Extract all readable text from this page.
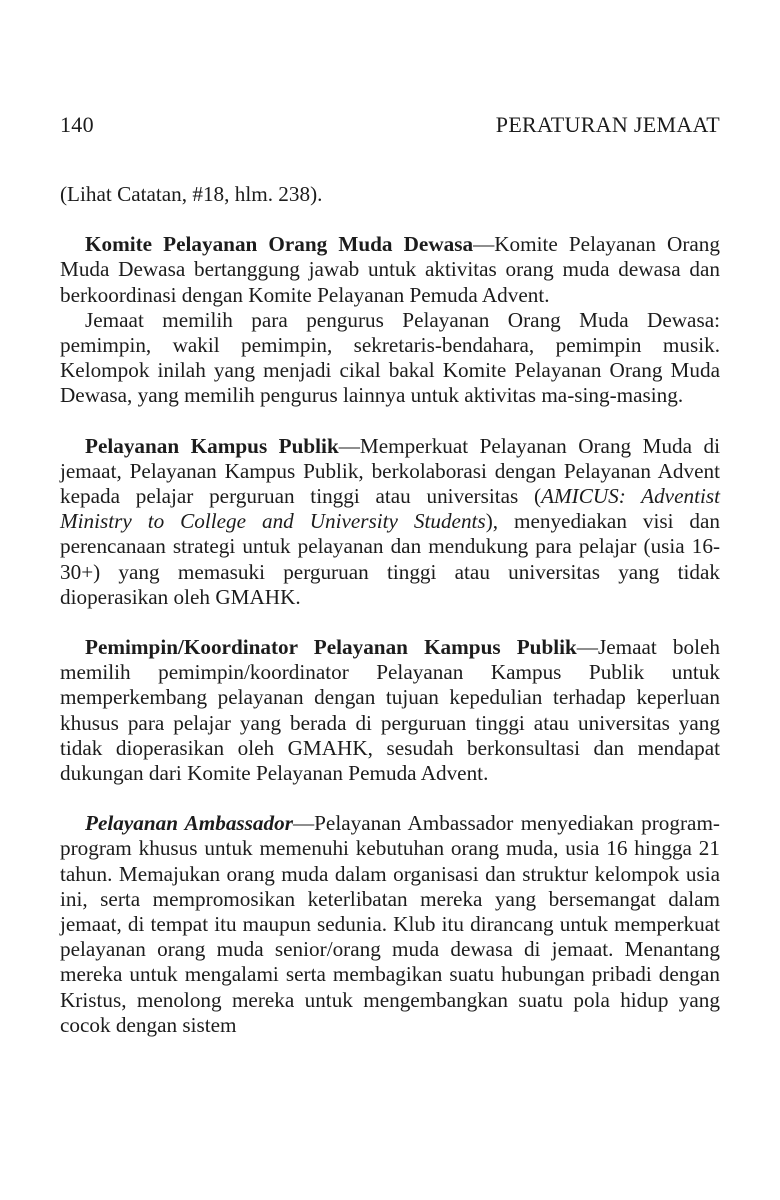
140	PERATURAN JEMAAT

(Lihat Catatan, #18, hlm. 238).

Komite Pelayanan Orang Muda Dewasa—Komite Pelayanan Orang Muda Dewasa bertanggung jawab untuk aktivitas orang muda dewasa dan berkoordinasi dengan Komite Pelayanan Pemuda Advent.

Jemaat memilih para pengurus Pelayanan Orang Muda Dewasa: pemimpin, wakil pemimpin, sekretaris-bendahara, pemimpin musik. Kelompok inilah yang menjadi cikal bakal Komite Pelayanan Orang Muda Dewasa, yang memilih pengurus lainnya untuk aktivitas ma-sing-masing.

Pelayanan Kampus Publik—Memperkuat Pelayanan Orang Muda di jemaat, Pelayanan Kampus Publik, berkolaborasi dengan Pelayanan Advent kepada pelajar perguruan tinggi atau universitas (AMICUS: Adventist Ministry to College and University Students), menyediakan visi dan perencanaan strategi untuk pelayanan dan mendukung para pelajar (usia 16-30+) yang memasuki perguruan tinggi atau universitas yang tidak dioperasikan oleh GMAHK.

Pemimpin/Koordinator Pelayanan Kampus Publik—Jemaat boleh memilih pemimpin/koordinator Pelayanan Kampus Publik untuk memperkembang pelayanan dengan tujuan kepedulian terhadap keperluan khusus para pelajar yang berada di perguruan tinggi atau universitas yang tidak dioperasikan oleh GMAHK, sesudah berkonsultasi dan mendapat dukungan dari Komite Pelayanan Pemuda Advent.

Pelayanan Ambassador—Pelayanan Ambassador menyediakan program-program khusus untuk memenuhi kebutuhan orang muda, usia 16 hingga 21 tahun. Memajukan orang muda dalam organisasi dan struktur kelompok usia ini, serta mempromosikan keterlibatan mereka yang bersemangat dalam jemaat, di tempat itu maupun sedunia. Klub itu dirancang untuk memperkuat pelayanan orang muda senior/orang muda dewasa di jemaat. Menantang mereka untuk mengalami serta membagikan suatu hubungan pribadi dengan Kristus, menolong mereka untuk mengembangkan suatu pola hidup yang cocok dengan sistem
